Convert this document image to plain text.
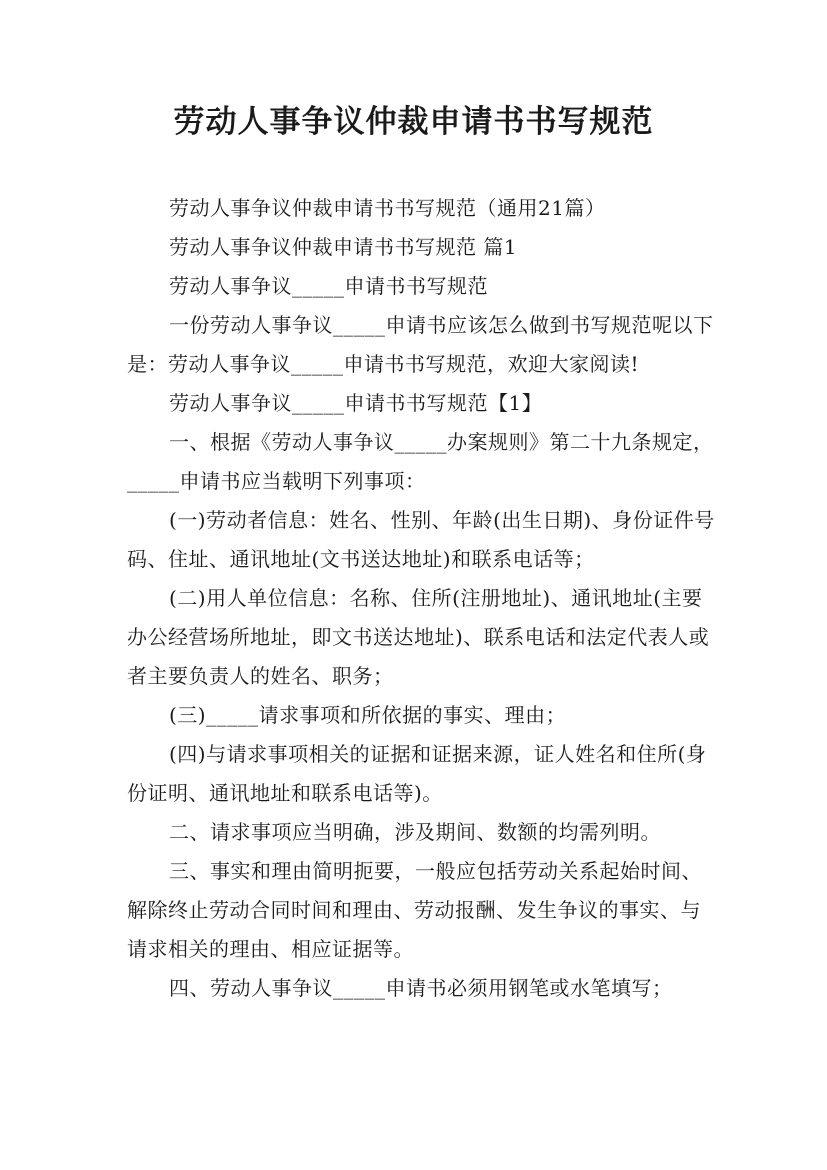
劳动人事争议仲裁申请书书写规范

劳动人事争议仲裁申请书书写规范（通用21篇）

劳动人事争议仲裁申请书书写规范 篇1

劳动人事争议_____申请书书写规范

一份劳动人事争议_____申请书应该怎么做到书写规范呢以下是：劳动人事争议_____申请书书写规范，欢迎大家阅读!

劳动人事争议_____申请书书写规范【1】

一、根据《劳动人事争议_____办案规则》第二十九条规定，_____申请书应当载明下列事项：

(一)劳动者信息：姓名、性别、年龄(出生日期)、身份证件号码、住址、通讯地址(文书送达地址)和联系电话等；

(二)用人单位信息：名称、住所(注册地址)、通讯地址(主要办公经营场所地址，即文书送达地址)、联系电话和法定代表人或者主要负责人的姓名、职务；

(三)_____请求事项和所依据的事实、理由；

(四)与请求事项相关的证据和证据来源，证人姓名和住所(身份证明、通讯地址和联系电话等)。

二、请求事项应当明确，涉及期间、数额的均需列明。

三、事实和理由简明扼要，一般应包括劳动关系起始时间、解除终止劳动合同时间和理由、劳动报酬、发生争议的事实、与请求相关的理由、相应证据等。

四、劳动人事争议_____申请书必须用钢笔或水笔填写；
